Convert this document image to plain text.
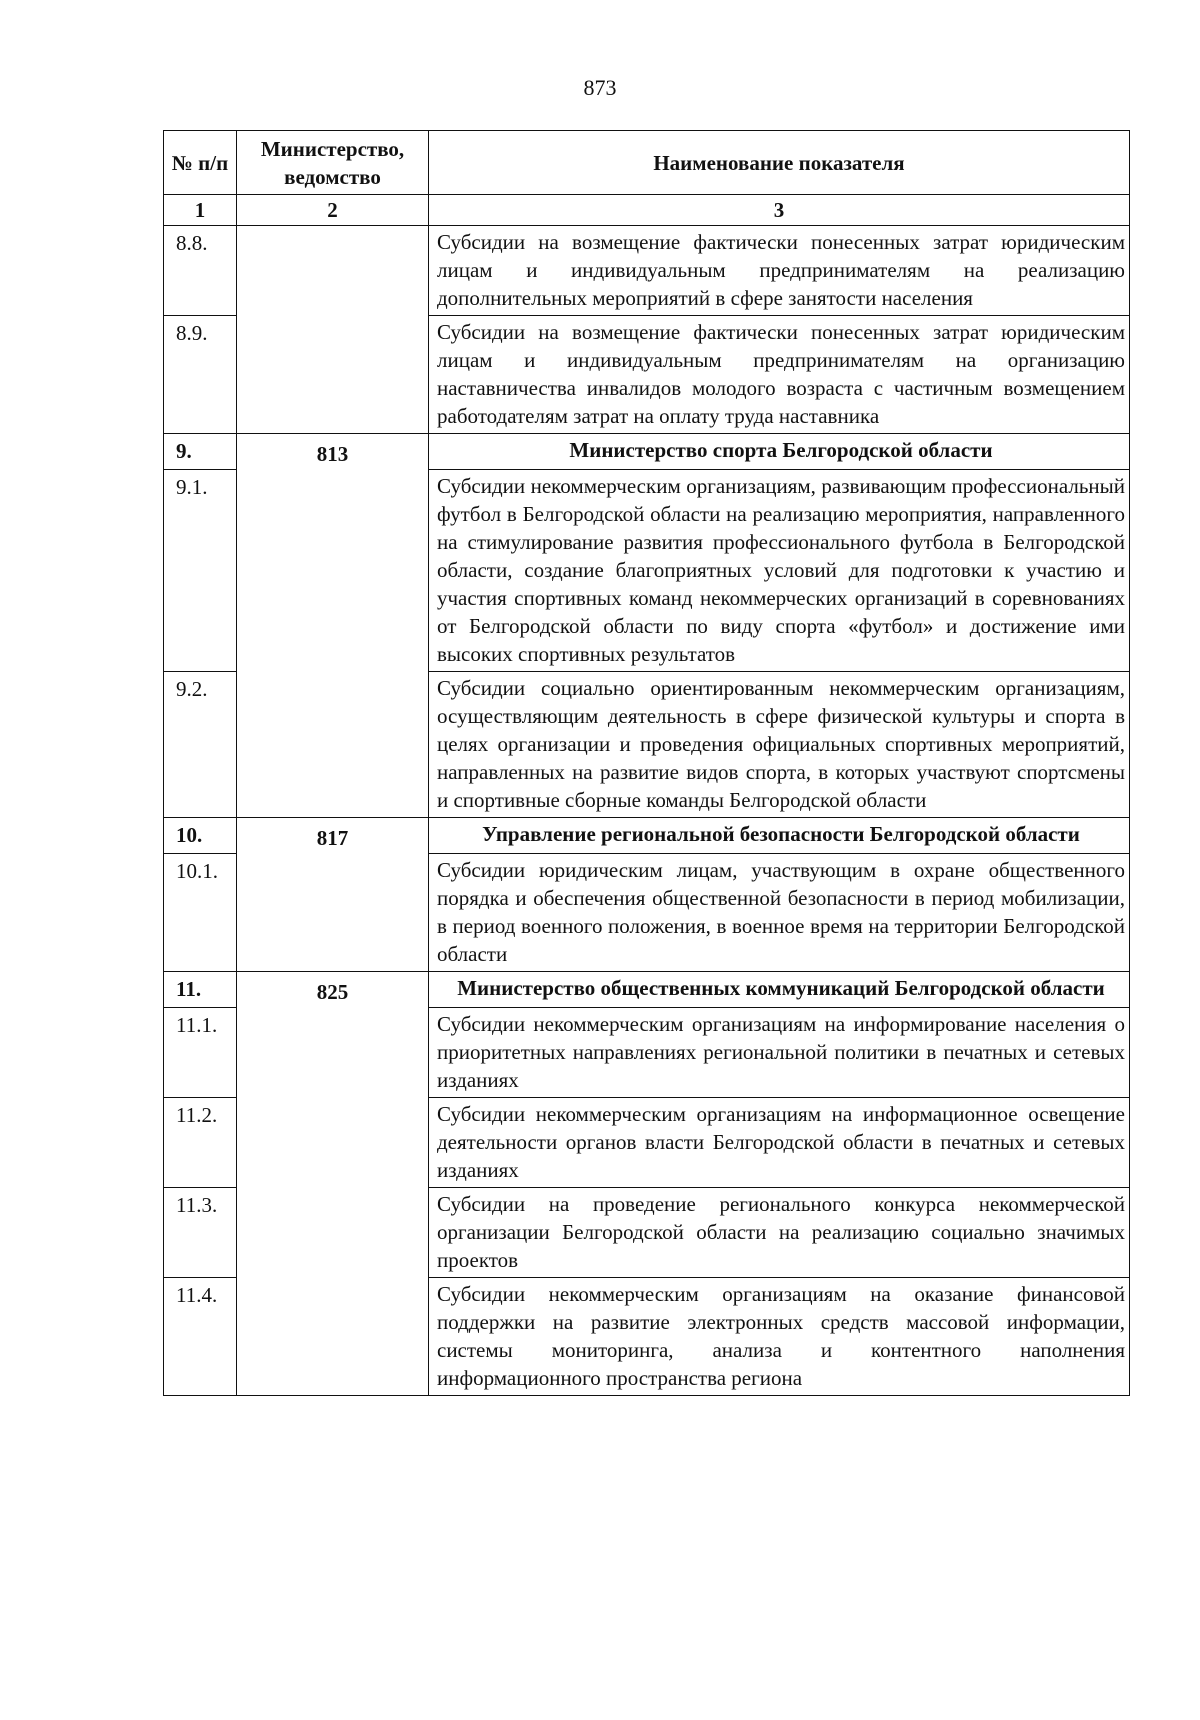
873
№ п/п	Министерство, ведомство	Наименование показателя
1	2	3
8.8.		Субсидии на возмещение фактически понесенных затрат юридическим лицам и индивидуальным предпринимателям на реализацию дополнительных мероприятий в сфере занятости населения
8.9.		Субсидии на возмещение фактически понесенных затрат юридическим лицам и индивидуальным предпринимателям на организацию наставничества инвалидов молодого возраста с частичным возмещением работодателям затрат на оплату труда наставника
9.	813	Министерство спорта Белгородской области
9.1.		Субсидии некоммерческим организациям, развивающим профессиональный футбол в Белгородской области на реализацию мероприятия, направленного на стимулирование развития профессионального футбола в Белгородской области, создание благоприятных условий для подготовки к участию и участия спортивных команд некоммерческих организаций в соревнованиях от Белгородской области по виду спорта «футбол» и достижение ими высоких спортивных результатов
9.2.		Субсидии социально ориентированным некоммерческим организациям, осуществляющим деятельность в сфере физической культуры и спорта в целях организации и проведения официальных спортивных мероприятий, направленных на развитие видов спорта, в которых участвуют спортсмены и спортивные сборные команды Белгородской области
10.	817	Управление региональной безопасности Белгородской области
10.1.		Субсидии юридическим лицам, участвующим в охране общественного порядка и обеспечения общественной безопасности в период мобилизации, в период военного положения, в военное время на территории Белгородской области
11.	825	Министерство общественных коммуникаций Белгородской области
11.1.		Субсидии некоммерческим организациям на информирование населения о приоритетных направлениях региональной политики в печатных и сетевых изданиях
11.2.		Субсидии некоммерческим организациям на информационное освещение деятельности органов власти Белгородской области в печатных и сетевых изданиях
11.3.		Субсидии на проведение регионального конкурса некоммерческой организации Белгородской области на реализацию социально значимых проектов
11.4.		Субсидии некоммерческим организациям на оказание финансовой поддержки на развитие электронных средств массовой информации, системы мониторинга, анализа и контентного наполнения информационного пространства региона
